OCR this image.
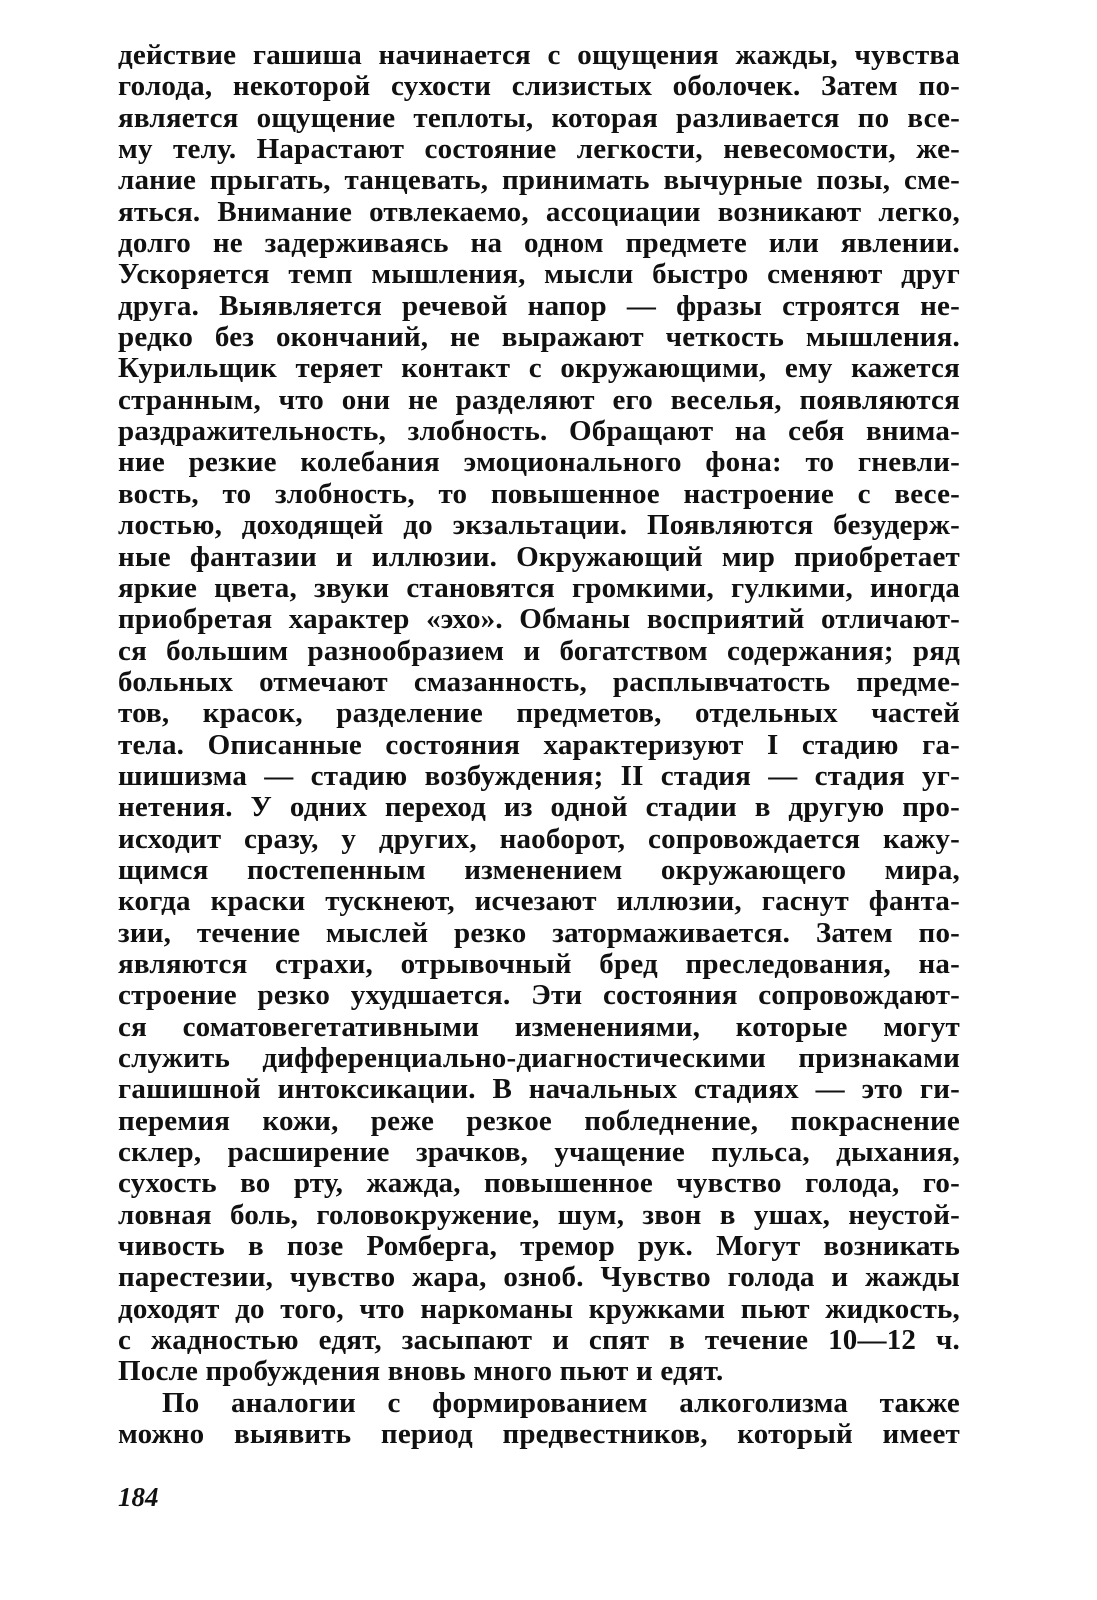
действие гашиша начинается с ощущения жажды, чувства
голода, некоторой сухости слизистых оболочек. Затем по-
является ощущение теплоты, которая разливается по все-
му телу. Нарастают состояние легкости, невесомости, же-
лание прыгать, танцевать, принимать вычурные позы, сме-
яться. Внимание отвлекаемо, ассоциации возникают легко,
долго не задерживаясь на одном предмете или явлении.
Ускоряется темп мышления, мысли быстро сменяют друг
друга. Выявляется речевой напор — фразы строятся не-
редко без окончаний, не выражают четкость мышления.
Курильщик теряет контакт с окружающими, ему кажется
странным, что они не разделяют его веселья, появляются
раздражительность, злобность. Обращают на себя внима-
ние резкие колебания эмоционального фона: то гневли-
вость, то злобность, то повышенное настроение с весе-
лостью, доходящей до экзальтации. Появляются безудерж-
ные фантазии и иллюзии. Окружающий мир приобретает
яркие цвета, звуки становятся громкими, гулкими, иногда
приобретая характер «эхо». Обманы восприятий отличают-
ся большим разнообразием и богатством содержания; ряд
больных отмечают смазанность, расплывчатость предме-
тов, красок, разделение предметов, отдельных частей
тела. Описанные состояния характеризуют I стадию га-
шишизма — стадию возбуждения; II стадия — стадия уг-
нетения. У одних переход из одной стадии в другую про-
исходит сразу, у других, наоборот, сопровождается кажу-
щимся постепенным изменением окружающего мира,
когда краски тускнеют, исчезают иллюзии, гаснут фанта-
зии, течение мыслей резко затормаживается. Затем по-
являются страхи, отрывочный бред преследования, на-
строение резко ухудшается. Эти состояния сопровождают-
ся соматовегетативными изменениями, которые могут
служить дифференциально-диагностическими признаками
гашишной интоксикации. В начальных стадиях — это ги-
перемия кожи, реже резкое побледнение, покраснение
склер, расширение зрачков, учащение пульса, дыхания,
сухость во рту, жажда, повышенное чувство голода, го-
ловная боль, головокружение, шум, звон в ушах, неустой-
чивость в позе Ромберга, тремор рук. Могут возникать
парестезии, чувство жара, озноб. Чувство голода и жажды
доходят до того, что наркоманы кружками пьют жидкость,
с жадностью едят, засыпают и спят в течение 10—12 ч.
После пробуждения вновь много пьют и едят.
По аналогии с формированием алкоголизма также
можно выявить период предвестников, который имеет
184
